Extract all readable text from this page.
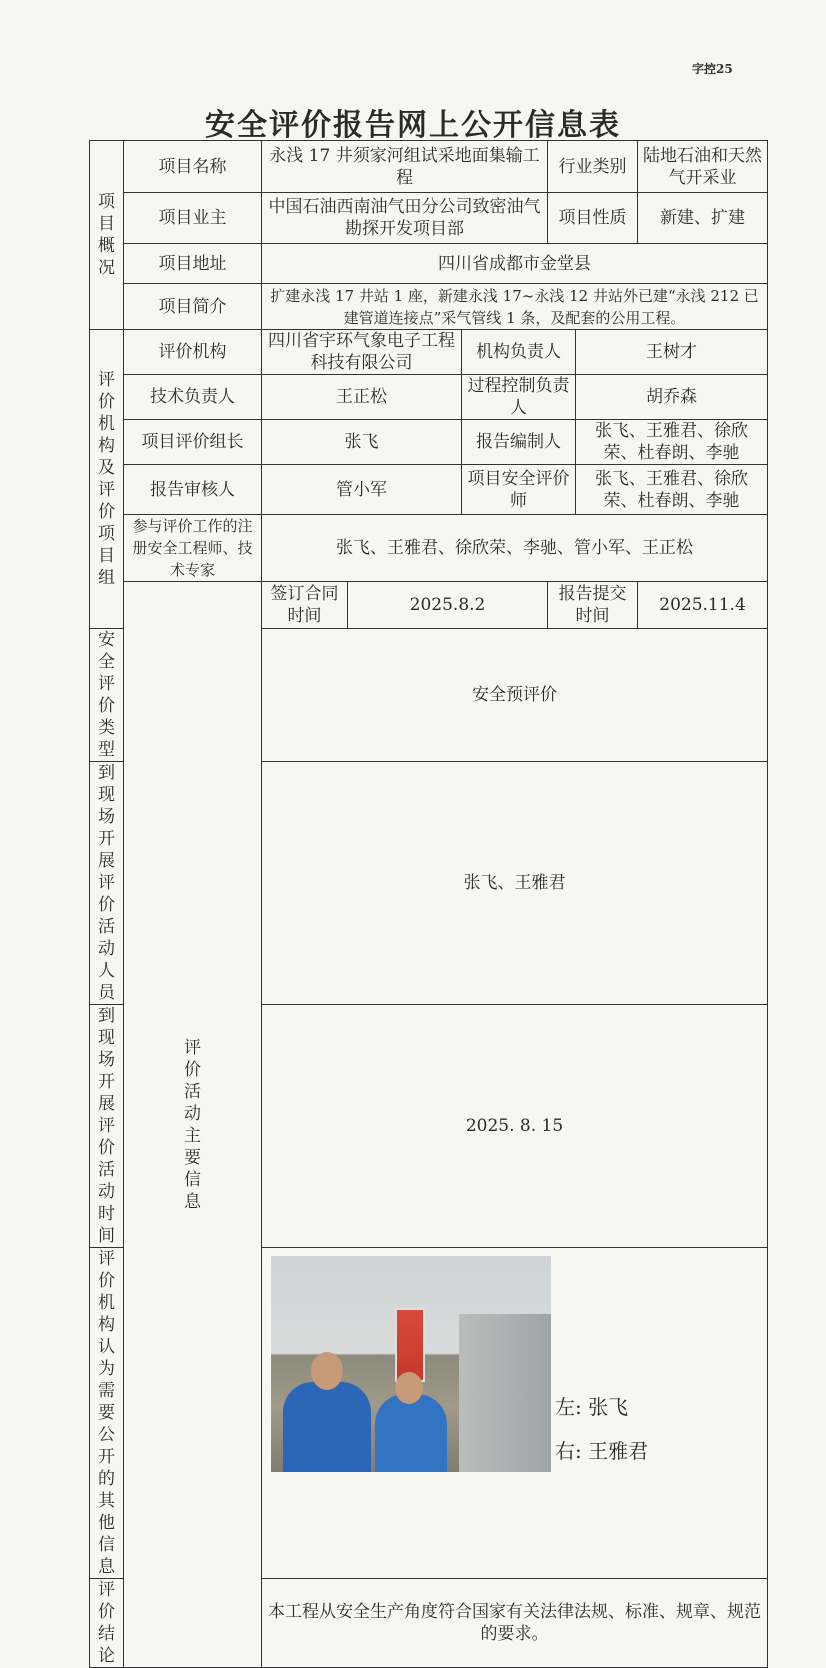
字控25
安全评价报告网上公开信息表
项目概况	项目名称	永浅 17 井须家河组试采地面集输工程			行业类别		陆地石油和天然气开采业
	项目业主	中国石油西南油气田分公司致密油气勘探开发项目部			项目性质		新建、扩建
	项目地址	四川省成都市金堂县					
	项目简介	扩建永浅 17 井站 1 座，新建永浅 17~永浅 12 井站外已建“永浅 212 已建管道连接点”采气管线 1 条，及配套的公用工程。					

评价机构及评价项目组	评价机构	四川省宇环气象电子工程科技有限公司		机构负责人		王树才	
	技术负责人	王正松		过程控制负责人		胡乔森	
	项目评价组长	张飞		报告编制人		张飞、王雅君、徐欣荣、杜春朗、李驰	
	报告审核人	管小军		项目安全评价师		张飞、王雅君、徐欣荣、杜春朗、李驰	
	参与评价工作的注册安全工程师、技术专家	张飞、王雅君、徐欣荣、李驰、管小军、王正松					

	评价活动主要信息	签订合同时间	2025.8.2		报告提交时间		2025.11.4
安全评价类型		安全预评价					
到现场开展评价活动人员		张飞、王雅君					
到现场开展评价活动时间		2025. 8. 15					
评价机构认为需要公开的其他信息		左: 张飞
右: 王雅君					

评价结论		本工程从安全生产角度符合国家有关法律法规、标准、规章、规范的要求。					
